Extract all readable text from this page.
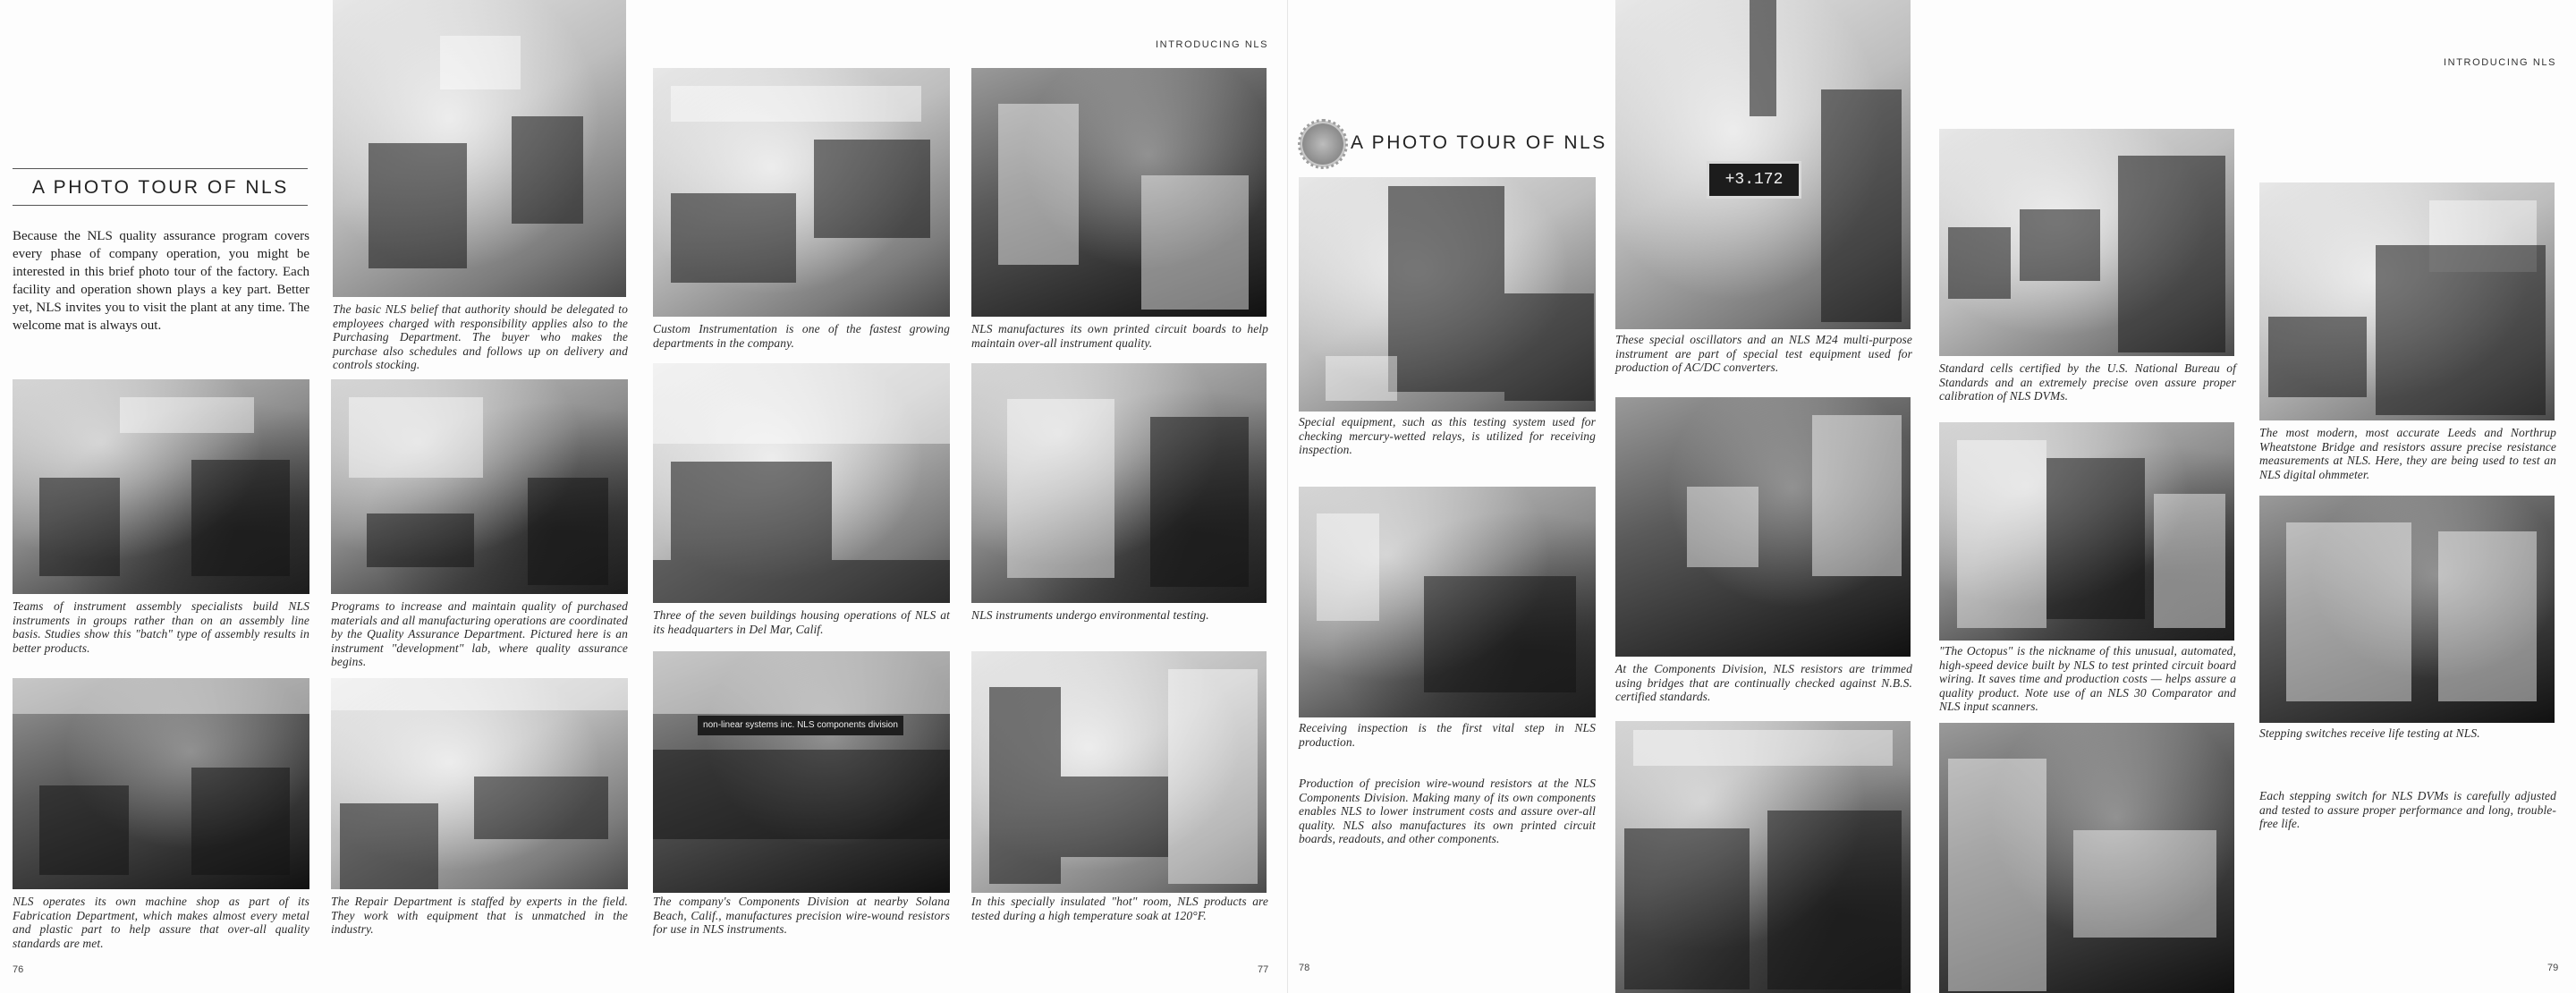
A PHOTO TOUR OF NLS
Because the NLS quality assurance program covers every phase of company operation, you might be interested in this brief photo tour of the factory. Each facility and operation shown plays a key part. Better yet, NLS invites you to visit the plant at any time. The welcome mat is always out.
The basic NLS belief that authority should be delegated to employees charged with responsibility applies also to the Purchasing Department. The buyer who makes the purchase also schedules and follows up on delivery and controls stocking.
Teams of instrument assembly specialists build NLS instruments in groups rather than on an assembly line basis. Studies show this "batch" type of assembly results in better products.
Programs to increase and maintain quality of purchased materials and all manufacturing operations are coordinated by the Quality Assurance Department. Pictured here is an instrument "development" lab, where quality assurance begins.
NLS operates its own machine shop as part of its Fabrication Department, which makes almost every metal and plastic part to help assure that over-all quality standards are met.
The Repair Department is staffed by experts in the field. They work with equipment that is unmatched in the industry.
INTRODUCING NLS
Custom Instrumentation is one of the fastest growing departments in the company.
NLS manufactures its own printed circuit boards to help maintain over-all instrument quality.
Three of the seven buildings housing operations of NLS at its headquarters in Del Mar, Calif.
NLS instruments undergo environmental testing.
non-linear systems inc. NLS components division
The company's Components Division at nearby Solana Beach, Calif., manufactures precision wire-wound resistors for use in NLS instruments.
In this specially insulated "hot" room, NLS products are tested during a high temperature soak at 120°F.
76	77
A PHOTO TOUR OF NLS
Special equipment, such as this testing system used for checking mercury-wetted relays, is utilized for receiving inspection.
Receiving inspection is the first vital step in NLS production.
Production of precision wire-wound resistors at the NLS Components Division. Making many of its own components enables NLS to lower instrument costs and assure over-all quality. NLS also manufactures its own printed circuit boards, readouts, and other components.
+3.172
These special oscillators and an NLS M24 multi-purpose instrument are part of special test equipment used for production of AC/DC converters.
At the Components Division, NLS resistors are trimmed using bridges that are continually checked against N.B.S. certified standards.
Standard cells certified by the U.S. National Bureau of Standards and an extremely precise oven assure proper calibration of NLS DVMs.
"The Octopus" is the nickname of this unusual, automated, high-speed device built by NLS to test printed circuit board wiring. It saves time and production costs — helps assure a quality product. Note use of an NLS 30 Comparator and NLS input scanners.
INTRODUCING NLS
The most modern, most accurate Leeds and Northrup Wheatstone Bridge and resistors assure precise resistance measurements at NLS. Here, they are being used to test an NLS digital ohmmeter.
Stepping switches receive life testing at NLS.
Each stepping switch for NLS DVMs is carefully adjusted and tested to assure proper performance and long, trouble-free life.
78	79
